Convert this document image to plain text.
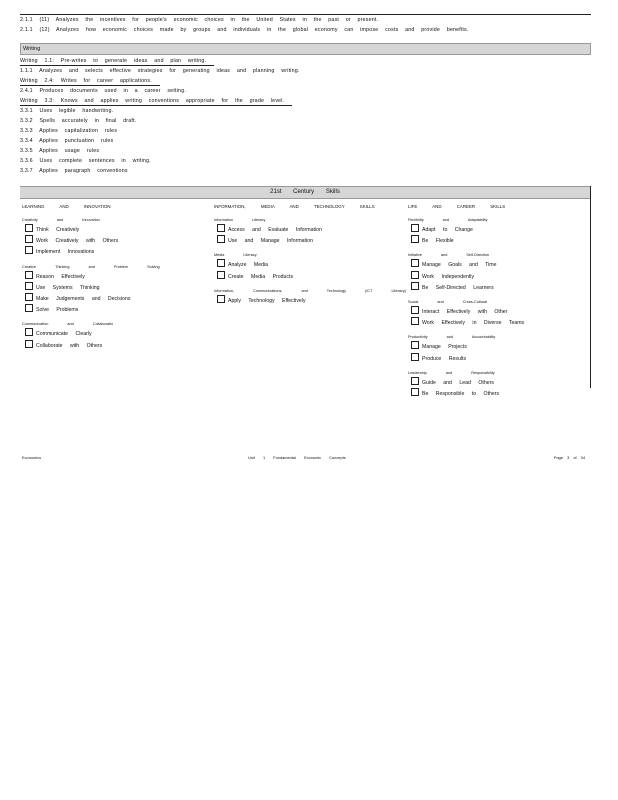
2.1.1 (11) Analyzes the incentives for people's economic choices in the United States in the past or present.
2.1.1 (12) Analyzes how economic choices made by groups and individuals in the global economy can impose costs and provide benefits.
Writing
Writing 1.1: Pre-writes to generate ideas and plan writing.
1.1.1 Analyzes and selects effective strategies for generating ideas and planning writing.
Writing 2.4: Writes for career applications.
2.4.1 Produces documents used in a career setting.
Writing 3.3: Knows and applies writing conventions appropriate for the grade level.
3.3.1 Uses legible handwriting.
3.3.2 Spells accurately in final draft.
3.3.3 Applies capitalization rules
3.3.4 Applies punctuation rules
3.3.5 Applies usage rules
3.3.6 Uses complete sentences in writing.
3.3.7 Applies paragraph conventions
21st Century Skills
LEARNING AND INNOVATION
Creativity and Innovation
Think Creatively
Work Creatively with Others
Implement Innovations
Creative Thinking and Problem Solving
Reason Effectively
Use Systems Thinking
Make Judgements and Decisions
Solve Problems
Communication and Collaboratio
Communicate Clearly
Collaborate with Others
INFORMATION, MEDIA AND TECHNOLOGY SKILLS
Information Literacy
Access and Evaluate Information
Use and Manage Information
Media Literacy
Analyze Media
Create Media Products
Information, Communications, and Technology (ICT Literacy)
Apply Technology Effectively
LIFE AND CAREER SKILLS
Flexibility and Adaptability
Adapt to Change
Be Flexible
Initiative and Self-Direction
Manage Goals and Time
Work Independently
Be Self-Directed Learners
Social and Cross-Cultural
Interact Effectively with Other
Work Effectively in Diverse Teams
Productivity and Accountability
Manage Projects
Produce Results
Leadership and Responsibility
Guide and Lead Others
Be Responsible to Others
Economics	Unit 1 Fundamental Economic Concepts	Page 3 of 34
